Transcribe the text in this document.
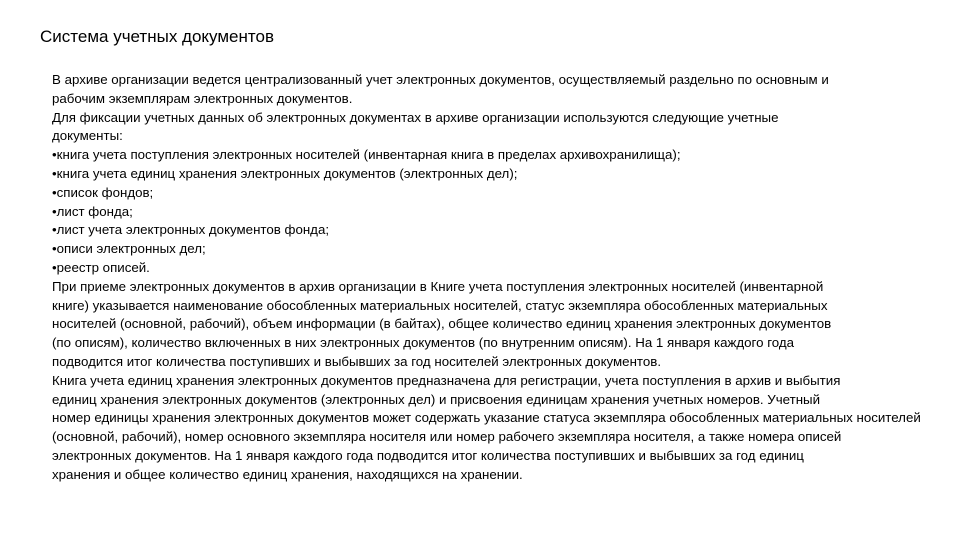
Система учетных документов
В архиве организации ведется централизованный учет электронных документов, осуществляемый раздельно по основным и
рабочим экземплярам электронных документов.
Для фиксации учетных данных об электронных документах в архиве организации используются следующие учетные
документы:
•книга учета поступления электронных носителей (инвентарная книга в пределах архивохранилища);
•книга учета единиц хранения электронных документов (электронных дел);
•список фондов;
•лист фонда;
•лист учета электронных документов фонда;
•описи электронных дел;
•реестр описей.
При приеме электронных документов в архив организации в Книге учета поступления электронных носителей (инвентарной
книге) указывается наименование обособленных материальных носителей, статус экземпляра обособленных материальных
носителей (основной, рабочий), объем информации (в байтах), общее количество единиц хранения электронных документов
(по описям), количество включенных в них электронных документов (по внутренним описям). На 1 января каждого года
подводится итог количества поступивших и выбывших за год носителей электронных документов.
Книга учета единиц хранения электронных документов предназначена для регистрации, учета поступления в архив и выбытия
единиц хранения электронных документов (электронных дел) и присвоения единицам хранения учетных номеров. Учетный
номер единицы хранения электронных документов может содержать указание статуса экземпляра обособленных материальных носителей
(основной, рабочий), номер основного экземпляра носителя или номер рабочего экземпляра носителя, а также номера описей
электронных документов. На 1 января каждого года подводится итог количества поступивших и выбывших за год единиц
хранения и общее количество единиц хранения, находящихся на хранении.
